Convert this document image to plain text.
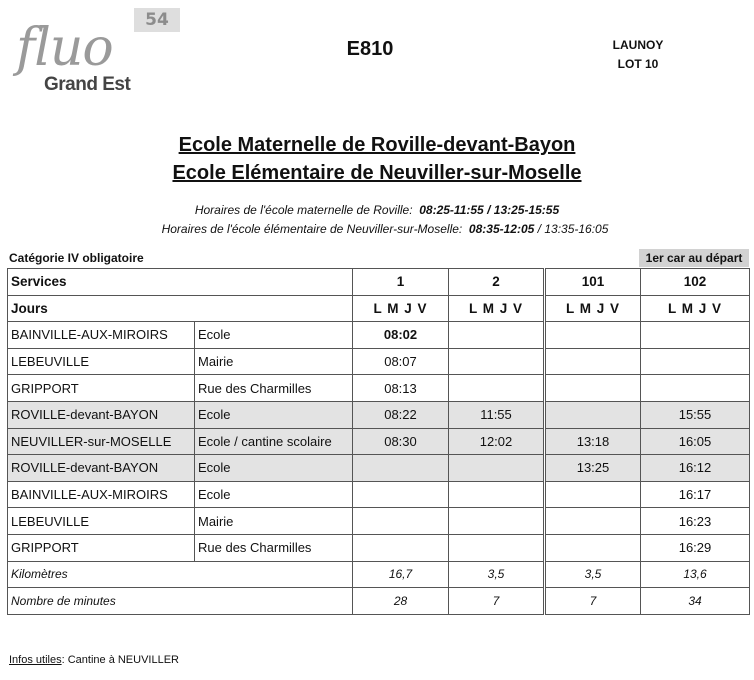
54
fluo
Grand Est
E810	LAUNOY
LOT 10
Ecole Maternelle de Roville-devant-Bayon
Ecole Elémentaire de Neuviller-sur-Moselle
Horaires de l'école maternelle de Roville: 08:25-11:55 / 13:25-15:55
Horaires de l'école élémentaire de Neuviller-sur-Moselle: 08:35-12:05 / 13:35-16:05
Catégorie IV obligatoire	1er car au départ
Services		1	2	101	102
Jours		L M J V	L M J V	L M J V	L M J V
BAINVILLE-AUX-MIROIRS	Ecole	08:02			
LEBEUVILLE	Mairie	08:07			
GRIPPORT	Rue des Charmilles	08:13			
ROVILLE-devant-BAYON	Ecole	08:22	11:55		15:55
NEUVILLER-sur-MOSELLE	Ecole / cantine scolaire	08:30	12:02	13:18	16:05
ROVILLE-devant-BAYON	Ecole			13:25	16:12
BAINVILLE-AUX-MIROIRS	Ecole				16:17
LEBEUVILLE	Mairie				16:23
GRIPPORT	Rue des Charmilles				16:29
Kilomètres		16,7	3,5	3,5	13,6
Nombre de minutes		28	7	7	34
Infos utiles: Cantine à NEUVILLER
